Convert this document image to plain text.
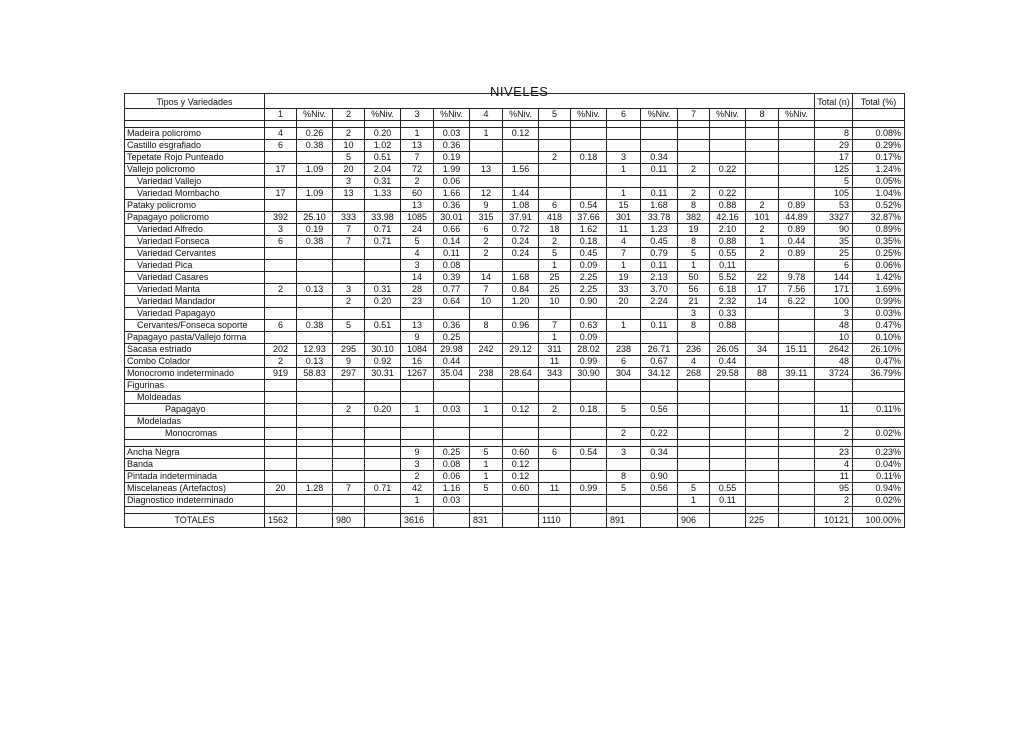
NIVELES
Tipos y Variedades																	Total (n)	Total (%)
	1	%Niv.	2	%Niv.	3	%Niv.	4	%Niv.	5	%Niv.	6	%Niv.	7	%Niv.	8	%Niv.		

Madeira policromo	4	0.26	2	0.20	1	0.03	1	0.12									8	0.08%
Castillo esgrafiado	6	0.38	10	1.02	13	0.36											29	0.29%
Tepetate Rojo Punteado			5	0.51	7	0.19			2	0.18	3	0.34					17	0.17%
Vallejo policromo	17	1.09	20	2.04	72	1.99	13	1.56			1	0.11	2	0.22			125	1.24%
Variedad Vallejo			3	0.31	2	0.06											5	0.05%
Variedad Mombacho	17	1.09	13	1.33	60	1.66	12	1.44			1	0.11	2	0.22			105	1.04%
Pataky policromo					13	0.36	9	1.08	6	0.54	15	1.68	8	0.88	2	0.89	53	0.52%
Papagayo policromo	392	25.10	333	33.98	1085	30.01	315	37.91	418	37.66	301	33.78	382	42.16	101	44.89	3327	32.87%
Variedad Alfredo	3	0.19	7	0.71	24	0.66	6	0.72	18	1.62	11	1.23	19	2.10	2	0.89	90	0.89%
Variedad Fonseca	6	0.38	7	0.71	5	0.14	2	0.24	2	0.18	4	0.45	8	0.88	1	0.44	35	0.35%
Variedad Cervantes					4	0.11	2	0.24	5	0.45	7	0.79	5	0.55	2	0.89	25	0.25%
Variedad Pica					3	0.08			1	0.09	1	0.11	1	0.11			6	0.06%
Variedad Casares					14	0.39	14	1.68	25	2.25	19	2.13	50	5.52	22	9.78	144	1.42%
Variedad Manta	2	0.13	3	0.31	28	0.77	7	0.84	25	2.25	33	3.70	56	6.18	17	7.56	171	1.69%
Variedad Mandador			2	0.20	23	0.64	10	1.20	10	0.90	20	2.24	21	2.32	14	6.22	100	0.99%
Variedad Papagayo													3	0.33			3	0.03%
Cervantes/Fonseca soporte	6	0.38	5	0.51	13	0.36	8	0.96	7	0.63	1	0.11	8	0.88			48	0.47%
Papagayo pasta/Vallejo forma					9	0.25			1	0.09							10	0.10%
Sacasa estriado	202	12.93	295	30.10	1084	29.98	242	29.12	311	28.02	238	26.71	236	26.05	34	15.11	2642	26.10%
Combo Colador	2	0.13	9	0.92	16	0.44			11	0.99	6	0.67	4	0.44			48	0.47%
Monocromo indeterminado	919	58.83	297	30.31	1267	35.04	238	28.64	343	30.90	304	34.12	268	29.58	88	39.11	3724	36.79%
Figurinas																		
Moldeadas																		
Papagayo			2	0.20	1	0.03	1	0.12	2	0.18	5	0.56					11	0.11%
Modeladas																		
Monocromas											2	0.22					2	0.02%

Ancha Negra					9	0.25	5	0.60	6	0.54	3	0.34					23	0.23%
Banda					3	0.08	1	0.12									4	0.04%
Pintada indeterminada					2	0.06	1	0.12			8	0.90					11	0.11%
Miscelaneas (Artefactos)	20	1.28	7	0.71	42	1.16	5	0.60	11	0.99	5	0.56	5	0.55			95	0.94%
Diagnostico indeterminado					1	0.03							1	0.11			2	0.02%

TOTALES	1562		980		3616		831		1110		891		906		225		10121	100.00%
